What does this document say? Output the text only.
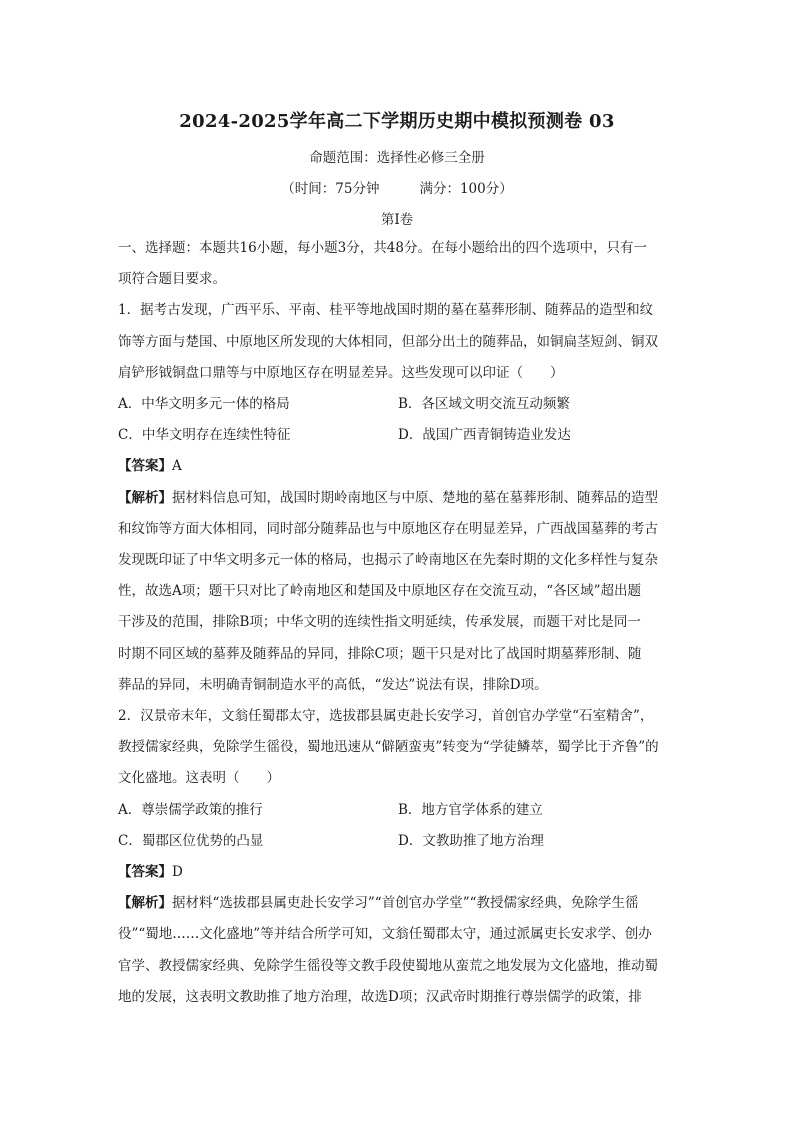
2024-2025学年高二下学期历史期中模拟预测卷 03
命题范围：选择性必修三全册
（时间：75分钟	满分：100分）
第Ⅰ卷

一、选择题：本题共16小题，每小题3分，共48分。在每小题给出的四个选项中，只有一

项符合题目要求。

1．据考古发现，广西平乐、平南、桂平等地战国时期的墓在墓葬形制、随葬品的造型和纹

饰等方面与楚国、中原地区所发现的大体相同，但部分出土的随葬品，如铜扁茎短剑、铜双

肩铲形钺铜盘口鼎等与中原地区存在明显差异。这些发现可以印证（　　）

A．中华文明多元一体的格局	B．各区域文明交流互动频繁
C．中华文明存在连续性特征	D．战国广西青铜铸造业发达

【答案】A

【解析】据材料信息可知，战国时期岭南地区与中原、楚地的墓在墓葬形制、随葬品的造型

和纹饰等方面大体相同，同时部分随葬品也与中原地区存在明显差异，广西战国墓葬的考古

发现既印证了中华文明多元一体的格局，也揭示了岭南地区在先秦时期的文化多样性与复杂

性，故选A项；题干只对比了岭南地区和楚国及中原地区存在交流互动，“各区域”超出题

干涉及的范围，排除B项；中华文明的连续性指文明延续，传承发展，而题干对比是同一

时期不同区域的墓葬及随葬品的异同，排除C项；题干只是对比了战国时期墓葬形制、随

葬品的异同，未明确青铜制造水平的高低，“发达”说法有误，排除D项。

2．汉景帝末年，文翁任蜀郡太守，选拔郡县属吏赴长安学习，首创官办学堂“石室精舍”，

教授儒家经典，免除学生徭役，蜀地迅速从“僻陋蛮夷”转变为“学徒鳞萃，蜀学比于齐鲁”的

文化盛地。这表明（　　）

A．尊崇儒学政策的推行	B．地方官学体系的建立
C．蜀郡区位优势的凸显	D．文教助推了地方治理

【答案】D

【解析】据材料“选拔郡县属吏赴长安学习”“首创官办学堂”“教授儒家经典，免除学生徭

役”“蜀地……文化盛地”等并结合所学可知，文翁任蜀郡太守，通过派属吏长安求学、创办

官学、教授儒家经典、免除学生徭役等文教手段使蜀地从蛮荒之地发展为文化盛地，推动蜀

地的发展，这表明文教助推了地方治理，故选D项；汉武帝时期推行尊崇儒学的政策，排
